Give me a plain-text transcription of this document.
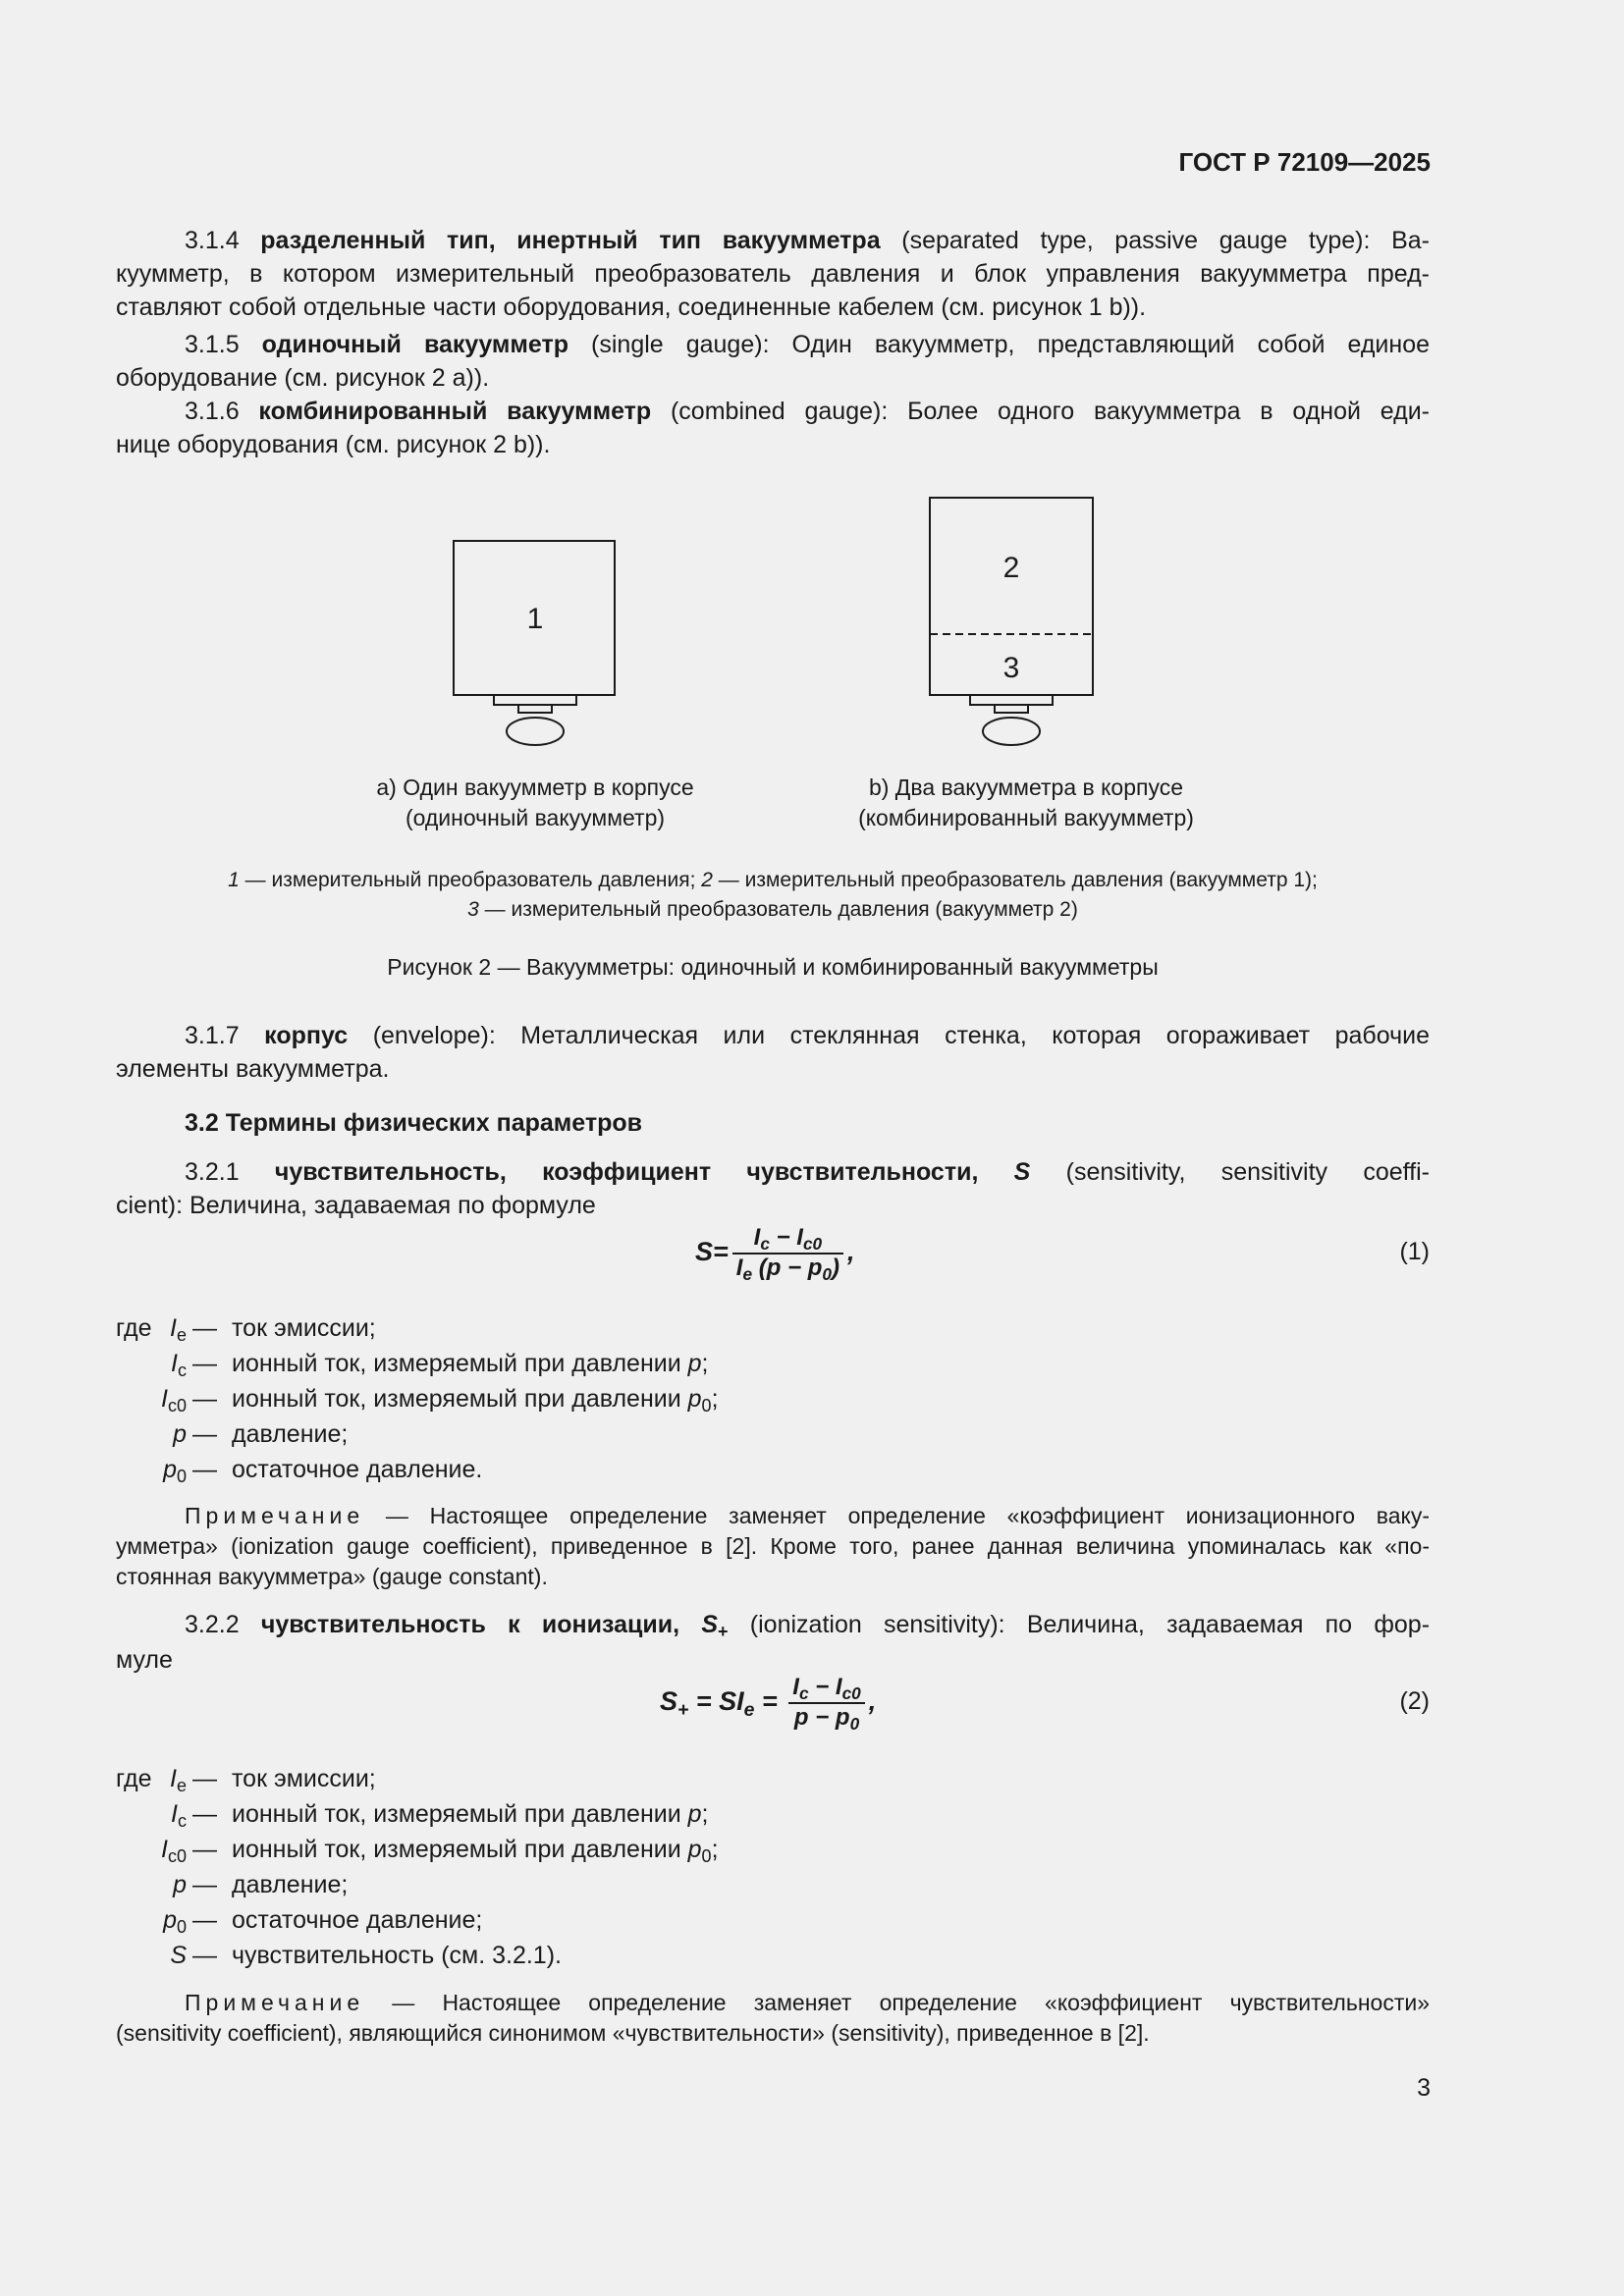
ГОСТ Р 72109—2025
3.1.4 разделенный тип, инертный тип вакуумметра (separated type, passive gauge type): Ва-
куумметр, в котором измерительный преобразователь давления и блок управления вакуумметра пред-
ставляют собой отдельные части оборудования, соединенные кабелем (см. рисунок 1 b)).
3.1.5 одиночный вакуумметр (single gauge): Один вакуумметр, представляющий собой единое
оборудование (см. рисунок 2 a)).
3.1.6 комбинированный вакуумметр (combined gauge): Более одного вакуумметра в одной еди-
нице оборудования (см. рисунок 2 b)).
1
2
3
a) Один вакуумметр в корпусе
(одиночный вакуумметр)
b) Два вакуумметра в корпусе
(комбинированный вакуумметр)
1 — измерительный преобразователь давления; 2 — измерительный преобразователь давления (вакуумметр 1);
3 — измерительный преобразователь давления (вакуумметр 2)
Рисунок 2 — Вакуумметры: одиночный и комбинированный вакуумметры
3.1.7 корпус (envelope): Металлическая или стеклянная стенка, которая огораживает рабочие
элементы вакуумметра.
3.2 Термины физических параметров
3.2.1 чувствительность, коэффициент чувствительности, S (sensitivity, sensitivity coeffi-
cient): Величина, задаваемая по формуле
$S= \frac{I_c - I_{c0}}{I_e (p - p_0)}$ ,	(1)
где $I_e$ — ток эмиссии;
$I_c$ — ионный ток, измеряемый при давлении p;
$I_{c0}$ — ионный ток, измеряемый при давлении $p_0$;
p — давление;
$p_0$ — остаточное давление.
Примечание — Настоящее определение заменяет определение «коэффициент ионизационного ваку-
умметра» (ionization gauge coefficient), приведенное в [2]. Кроме того, ранее данная величина упоминалась как «по-
стоянная вакуумметра» (gauge constant).
3.2.2 чувствительность к ионизации, $S_+$ (ionization sensitivity): Величина, задаваемая по фор-
муле
$S_+ = SI_e = \frac{I_c - I_{c0}}{p - p_0}$ ,	(2)
где $I_e$ — ток эмиссии;
$I_c$ — ионный ток, измеряемый при давлении p;
$I_{c0}$ — ионный ток, измеряемый при давлении $p_0$;
p — давление;
$p_0$ — остаточное давление;
S — чувствительность (см. 3.2.1).
Примечание — Настоящее определение заменяет определение «коэффициент чувствительности»
(sensitivity coefficient), являющийся синонимом «чувствительности» (sensitivity), приведенное в [2].
3
